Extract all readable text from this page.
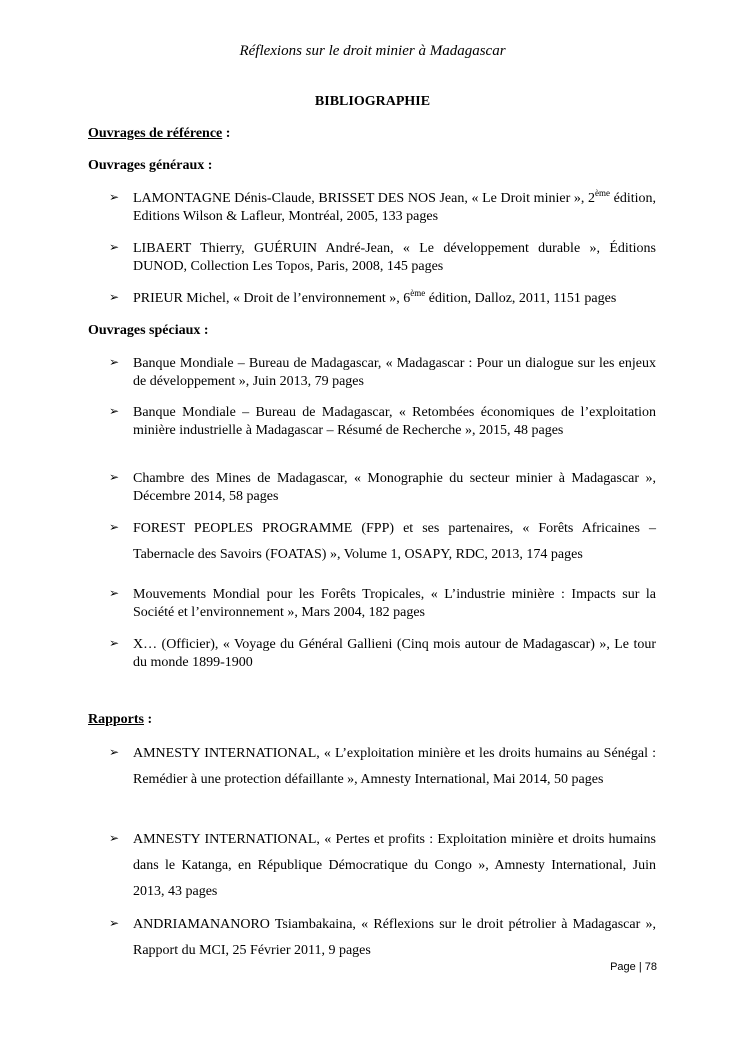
Réflexions sur le droit minier à Madagascar
BIBLIOGRAPHIE
Ouvrages de référence :
Ouvrages généraux :
➢ LAMONTAGNE Dénis-Claude, BRISSET DES NOS Jean, « Le Droit minier », 2ème édition, Editions Wilson & Lafleur, Montréal, 2005, 133 pages
➢ LIBAERT Thierry, GUÉRUIN André-Jean, « Le développement durable », Éditions DUNOD, Collection Les Topos, Paris, 2008, 145 pages
➢ PRIEUR Michel, « Droit de l’environnement », 6ème édition, Dalloz, 2011, 1151 pages
Ouvrages spéciaux :
➢ Banque Mondiale – Bureau de Madagascar, « Madagascar : Pour un dialogue sur les enjeux de développement », Juin 2013, 79 pages
➢ Banque Mondiale – Bureau de Madagascar, « Retombées économiques de l’exploitation minière industrielle à Madagascar – Résumé de Recherche », 2015, 48 pages
➢ Chambre des Mines de Madagascar, « Monographie du secteur minier à Madagascar », Décembre 2014, 58 pages
➢ FOREST PEOPLES PROGRAMME (FPP) et ses partenaires, « Forêts Africaines – Tabernacle des Savoirs (FOATAS) », Volume 1, OSAPY, RDC, 2013, 174 pages
➢ Mouvements Mondial pour les Forêts Tropicales, « L’industrie minière : Impacts sur la Société et l’environnement », Mars 2004, 182 pages
➢ X… (Officier), « Voyage du Général Gallieni (Cinq mois autour de Madagascar) », Le tour du monde 1899-1900
Rapports :
➢ AMNESTY INTERNATIONAL, « L’exploitation minière et les droits humains au Sénégal : Remédier à une protection défaillante », Amnesty International, Mai 2014, 50 pages
➢ AMNESTY INTERNATIONAL, « Pertes et profits : Exploitation minière et droits humains dans le Katanga, en République Démocratique du Congo », Amnesty International, Juin 2013, 43 pages
➢ ANDRIAMANANORO Tsiambakaina, « Réflexions sur le droit pétrolier à Madagascar », Rapport du MCI, 25 Février 2011, 9 pages
Page | 78
